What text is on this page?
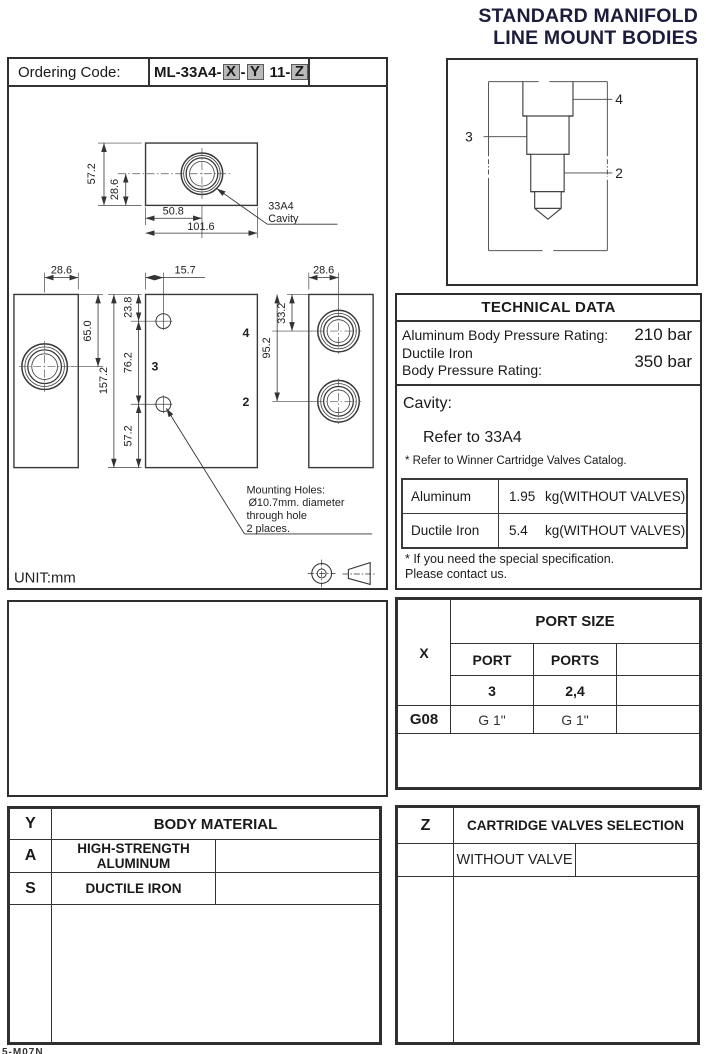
STANDARD MANIFOLD
LINE MOUNT BODIES
Ordering Code:	ML-33A4- X - Y 11- Z
57.2
28.6
50.8
101.6
28.6
65.0
15.7
23.8
76.2
157.2
57.2
28.6
33.2
95.2
33A4
Cavity
4
3
2
Mounting Holes:
Ø10.7mm. diameter
through hole
2 places.
UNIT:mm
4
3
2
TECHNICAL DATA
Aluminum Body Pressure Rating: 210 bar
Ductile Iron
Body Pressure Rating:	350 bar
Cavity:
Refer to 33A4
* Refer to Winner Cartridge Valves Catalog.
Aluminum	1.95 kg(WITHOUT VALVES)
Ductile Iron	5.4 kg(WITHOUT VALVES)
* If you need the special specification.
Please contact us.
X	PORT SIZE		
	PORT	PORTS	
	3	2,4	
G08	G 1"	G 1"	

Y	BODY MATERIAL	
A	HIGH-STRENGTH ALUMINUM	
S	DUCTILE IRON	

Z	CARTRIDGE VALVES SELECTION	
	WITHOUT VALVE	

5-M07N
